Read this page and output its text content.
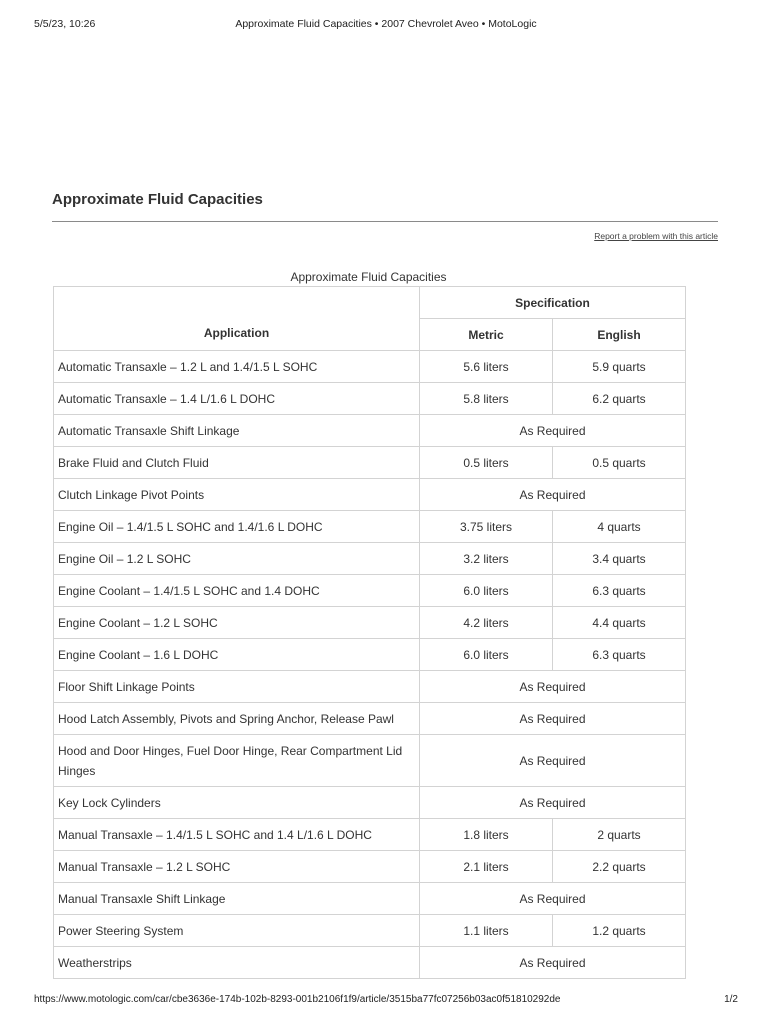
5/5/23, 10:26	Approximate Fluid Capacities • 2007 Chevrolet Aveo • MotoLogic
Approximate Fluid Capacities
Report a problem with this article
Approximate Fluid Capacities
Application	Specification	
	Metric	English
Automatic Transaxle – 1.2 L and 1.4/1.5 L SOHC	5.6 liters	5.9 quarts
Automatic Transaxle – 1.4 L/1.6 L DOHC	5.8 liters	6.2 quarts
Automatic Transaxle Shift Linkage	As Required	
Brake Fluid and Clutch Fluid	0.5 liters	0.5 quarts
Clutch Linkage Pivot Points	As Required	
Engine Oil – 1.4/1.5 L SOHC and 1.4/1.6 L DOHC	3.75 liters	4 quarts
Engine Oil – 1.2 L SOHC	3.2 liters	3.4 quarts
Engine Coolant – 1.4/1.5 L SOHC and 1.4 DOHC	6.0 liters	6.3 quarts
Engine Coolant – 1.2 L SOHC	4.2 liters	4.4 quarts
Engine Coolant – 1.6 L DOHC	6.0 liters	6.3 quarts
Floor Shift Linkage Points	As Required	
Hood Latch Assembly, Pivots and Spring Anchor, Release Pawl	As Required	
Hood and Door Hinges, Fuel Door Hinge, Rear Compartment Lid Hinges	As Required	
Key Lock Cylinders	As Required	
Manual Transaxle – 1.4/1.5 L SOHC and 1.4 L/1.6 L DOHC	1.8 liters	2 quarts
Manual Transaxle – 1.2 L SOHC	2.1 liters	2.2 quarts
Manual Transaxle Shift Linkage	As Required	
Power Steering System	1.1 liters	1.2 quarts
Weatherstrips	As Required	
https://www.motologic.com/car/cbe3636e-174b-102b-8293-001b2106f1f9/article/3515ba77fc07256b03ac0f51810292de	1/2
